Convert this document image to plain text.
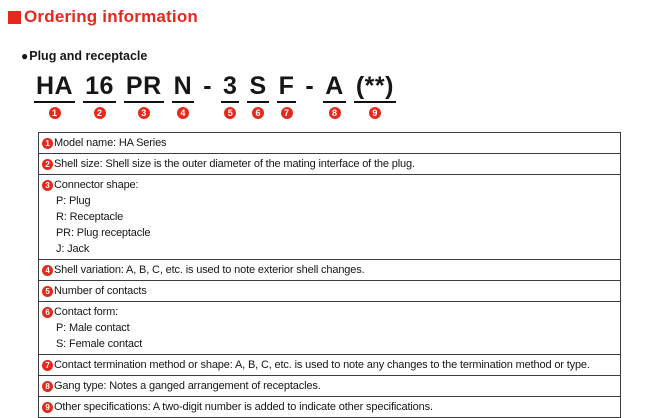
Ordering information
● Plug and receptacle
HA
1
16
2
PR
3
N
4
- 3
5
S
6
F
7
- A
8
(**)
9
1 Model name: HA Series
2 Shell size: Shell size is the outer diameter of the mating interface of the plug.
3 Connector shape:
P: Plug
R: Receptacle
PR: Plug receptacle
J: Jack
4 Shell variation: A, B, C, etc. is used to note exterior shell changes.
5 Number of contacts
6 Contact form:
P: Male contact
S: Female contact
7 Contact termination method or shape: A, B, C, etc. is used to note any changes to the termination method or type.
8 Gang type: Notes a ganged arrangement of receptacles.
9 Other specifications: A two-digit number is added to indicate other specifications.
